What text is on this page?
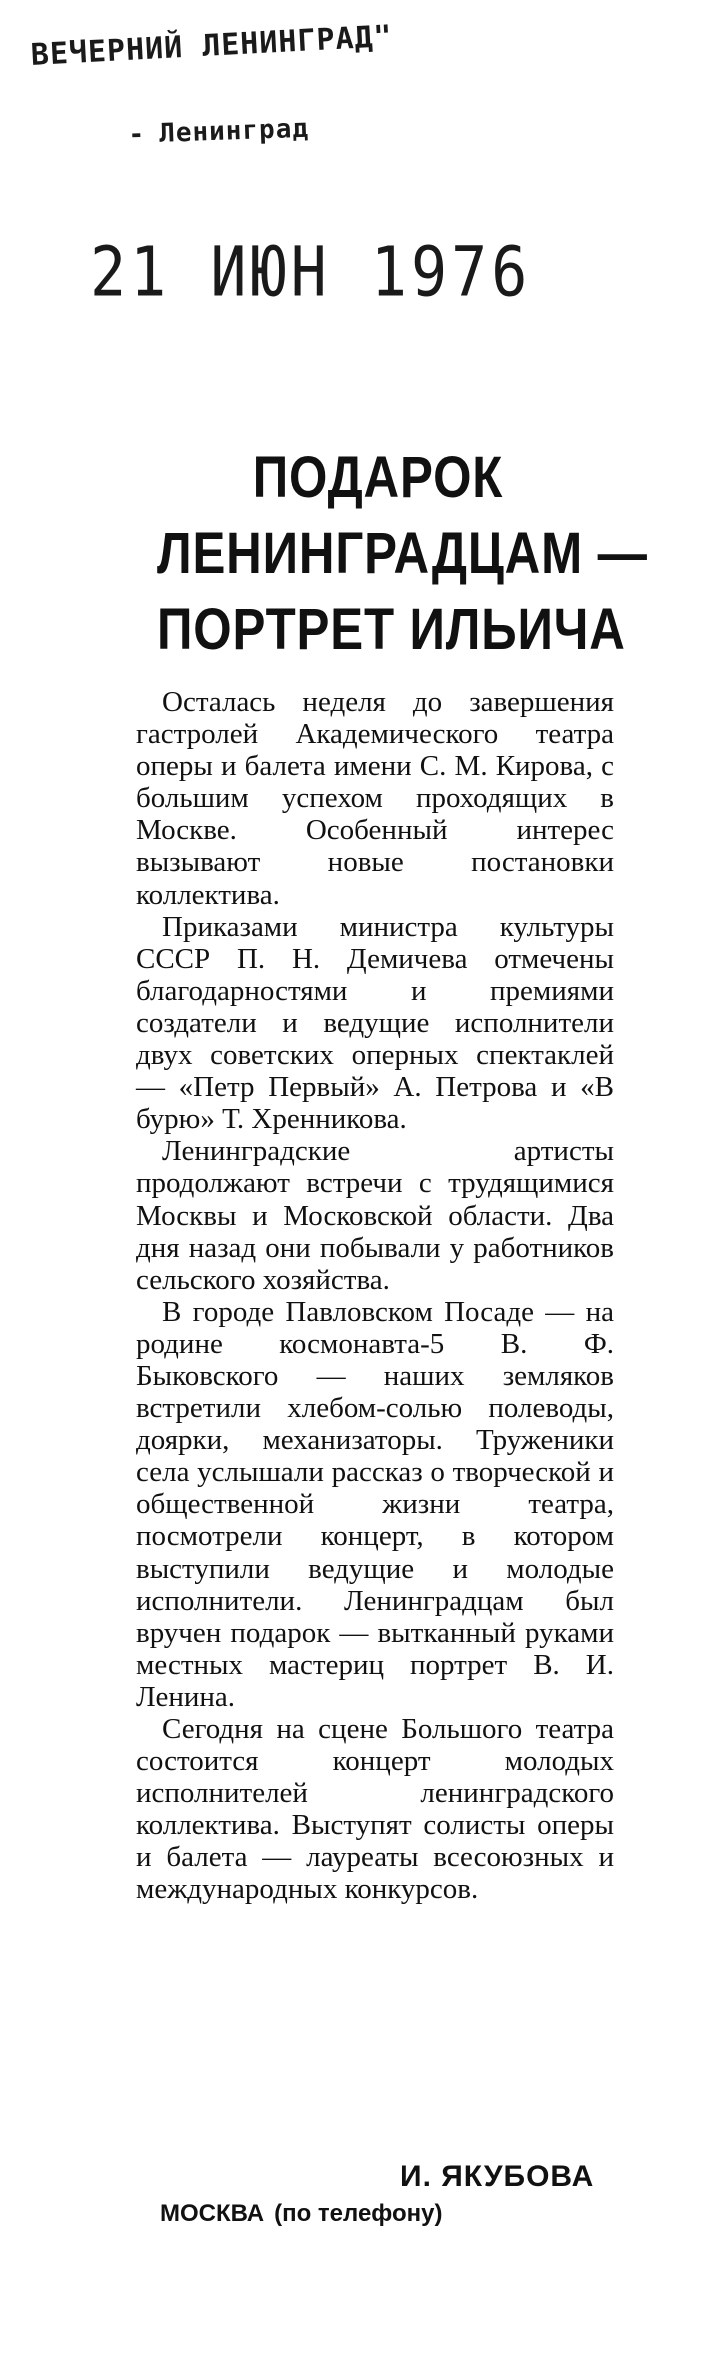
ВЕЧЕРНИЙ ЛЕНИНГРАД"
- Ленинград
21 ИЮН 1976
ПОДАРОК
ЛЕНИНГРАДЦАМ —
ПОРТРЕТ ИЛЬИЧА

Осталась неделя до завершения гастролей Академического театра оперы и балета имени С. М. Кирова, с большим успехом проходящих в Москве. Особенный интерес вызывают новые постановки коллектива.

Приказами министра культуры СССР П. Н. Демичева отмечены благодарностями и премиями создатели и ведущие исполнители двух советских оперных спектаклей — «Петр Первый» А. Петрова и «В бурю» Т. Хренникова.

Ленинградские артисты продолжают встречи с трудящимися Москвы и Московской области. Два дня назад они побывали у работников сельского хозяйства.

В городе Павловском Посаде — на родине космонавта-5 В. Ф. Быковского — наших земляков встретили хлебом-солью полеводы, доярки, механизаторы. Труженики села услышали рассказ о творческой и общественной жизни театра, посмотрели концерт, в котором выступили ведущие и молодые исполнители. Ленинградцам был вручен подарок — вытканный руками местных мастериц портрет В. И. Ленина.

Сегодня на сцене Большого театра состоится концерт молодых исполнителей ленинградского коллектива. Выступят солисты оперы и балета — лауреаты всесоюзных и международных конкурсов.

И. ЯКУБОВА
МОСКВА (по телефону)
